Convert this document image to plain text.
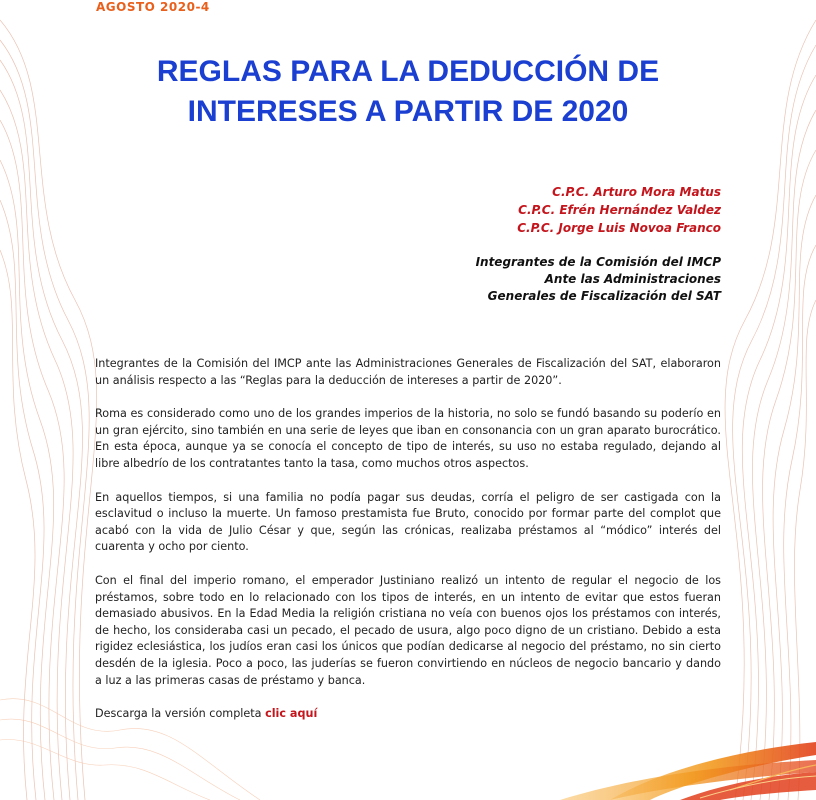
AGOSTO 2020-4
REGLAS PARA LA DEDUCCIÓN DE
INTERESES A PARTIR DE 2020
C.P.C. Arturo Mora Matus
C.P.C. Efrén Hernández Valdez
C.P.C. Jorge Luis Novoa Franco
Integrantes de la Comisión del IMCP
Ante las Administraciones
Generales de Fiscalización del SAT

Integrantes de la Comisión del IMCP ante las Administraciones Generales de Fiscalización del SAT, elaboraron un análisis respecto a las “Reglas para la deducción de intereses a partir de 2020”.

Roma es considerado como uno de los grandes imperios de la historia, no solo se fundó basando su poderío en un gran ejército, sino también en una serie de leyes que iban en consonancia con un gran aparato burocrático. En esta época, aunque ya se conocía el concepto de tipo de interés, su uso no estaba regulado, dejando al libre albedrío de los contratantes tanto la tasa, como muchos otros aspectos.

En aquellos tiempos, si una familia no podía pagar sus deudas, corría el peligro de ser castigada con la esclavitud o incluso la muerte. Un famoso prestamista fue Bruto, conocido por formar parte del complot que acabó con la vida de Julio César y que, según las crónicas, realizaba préstamos al “módico” interés del cuarenta y ocho por ciento.

Con el final del imperio romano, el emperador Justiniano realizó un intento de regular el negocio de los préstamos, sobre todo en lo relacionado con los tipos de interés, en un intento de evitar que estos fueran demasiado abusivos. En la Edad Media la religión cristiana no veía con buenos ojos los préstamos con interés, de hecho, los consideraba casi un pecado, el pecado de usura, algo poco digno de un cristiano. Debido a esta rigidez eclesiástica, los judíos eran casi los únicos que podían dedicarse al negocio del préstamo, no sin cierto desdén de la iglesia. Poco a poco, las juderías se fueron convirtiendo en núcleos de negocio bancario y dando a luz a las primeras casas de préstamo y banca.

Descarga la versión completa clic aquí
